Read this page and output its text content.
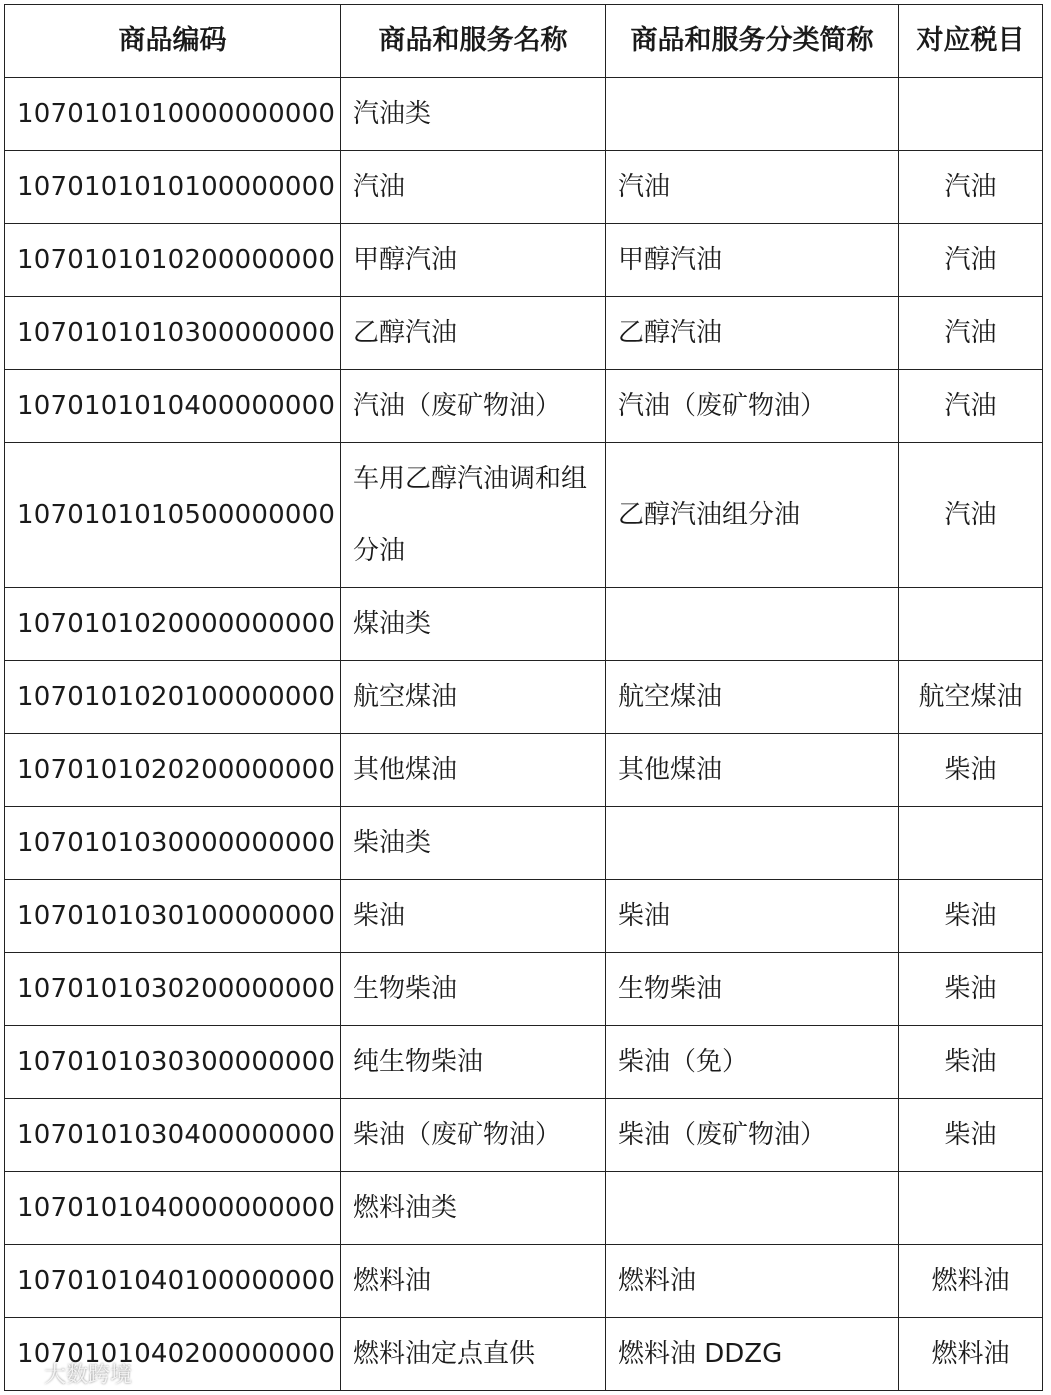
商品编码	商品和服务名称	商品和服务分类简称	对应税目
1070101010000000000	汽油类		
1070101010100000000	汽油	汽油	汽油
1070101010200000000	甲醇汽油	甲醇汽油	汽油
1070101010300000000	乙醇汽油	乙醇汽油	汽油
1070101010400000000	汽油（废矿物油）	汽油（废矿物油）	汽油
1070101010500000000	车用乙醇汽油调和组分油	乙醇汽油组分油	汽油
1070101020000000000	煤油类		
1070101020100000000	航空煤油	航空煤油	航空煤油
1070101020200000000	其他煤油	其他煤油	柴油
1070101030000000000	柴油类		
1070101030100000000	柴油	柴油	柴油
1070101030200000000	生物柴油	生物柴油	柴油
1070101030300000000	纯生物柴油	柴油（免）	柴油
1070101030400000000	柴油（废矿物油）	柴油（废矿物油）	柴油
1070101040000000000	燃料油类		
1070101040100000000	燃料油	燃料油	燃料油
1070101040200000000	燃料油定点直供	燃料油 DDZG	燃料油
大数跨境
